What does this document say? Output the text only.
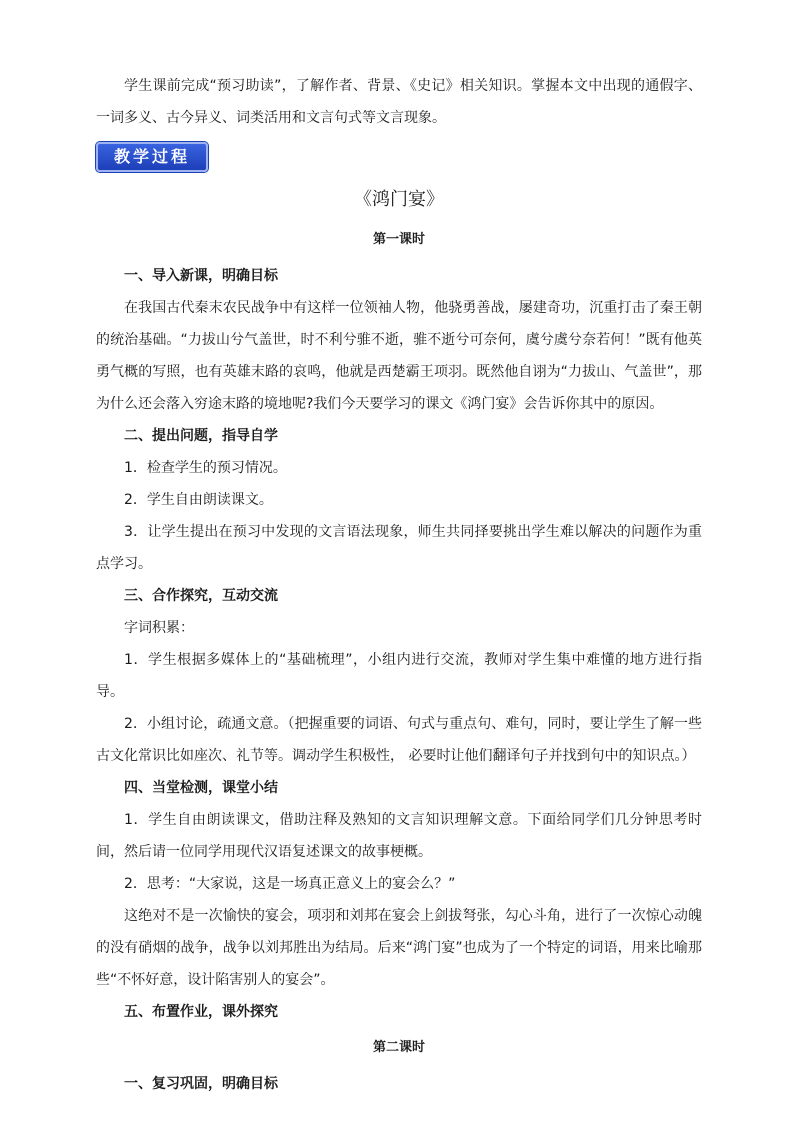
学生课前完成“预习助读”，了解作者、背景、《史记》相关知识。掌握本文中出现的通假字、一词多义、古今异义、词类活用和文言句式等文言现象。

教学过程

《鸿门宴》

第一课时

一、导入新课，明确目标

在我国古代秦末农民战争中有这样一位领袖人物，他骁勇善战，屡建奇功，沉重打击了秦王朝的统治基础。“力拔山兮气盖世，时不利兮骓不逝，骓不逝兮可奈何，虞兮虞兮奈若何！”既有他英勇气概的写照，也有英雄末路的哀鸣，他就是西楚霸王项羽。既然他自诩为“力拔山、气盖世”，那为什么还会落入穷途末路的境地呢?我们今天要学习的课文《鸿门宴》会告诉你其中的原因。

二、提出问题，指导自学

1．检查学生的预习情况。

2．学生自由朗读课文。

3．让学生提出在预习中发现的文言语法现象，师生共同择要挑出学生难以解决的问题作为重点学习。

三、合作探究，互动交流

字词积累：

1．学生根据多媒体上的“基础梳理”，小组内进行交流，教师对学生集中难懂的地方进行指导。

2．小组讨论，疏通文意。（把握重要的词语、句式与重点句、难句，同时，要让学生了解一些古文化常识比如座次、礼节等。调动学生积极性， 必要时让他们翻译句子并找到句中的知识点。）

四、当堂检测，课堂小结

1．学生自由朗读课文，借助注释及熟知的文言知识理解文意。下面给同学们几分钟思考时间，然后请一位同学用现代汉语复述课文的故事梗概。

2．思考：“大家说，这是一场真正意义上的宴会么？”

这绝对不是一次愉快的宴会，项羽和刘邦在宴会上剑拔弩张，勾心斗角，进行了一次惊心动魄的没有硝烟的战争，战争以刘邦胜出为结局。后来“鸿门宴”也成为了一个特定的词语，用来比喻那些“不怀好意，设计陷害别人的宴会”。

五、布置作业，课外探究

第二课时

一、复习巩固，明确目标
